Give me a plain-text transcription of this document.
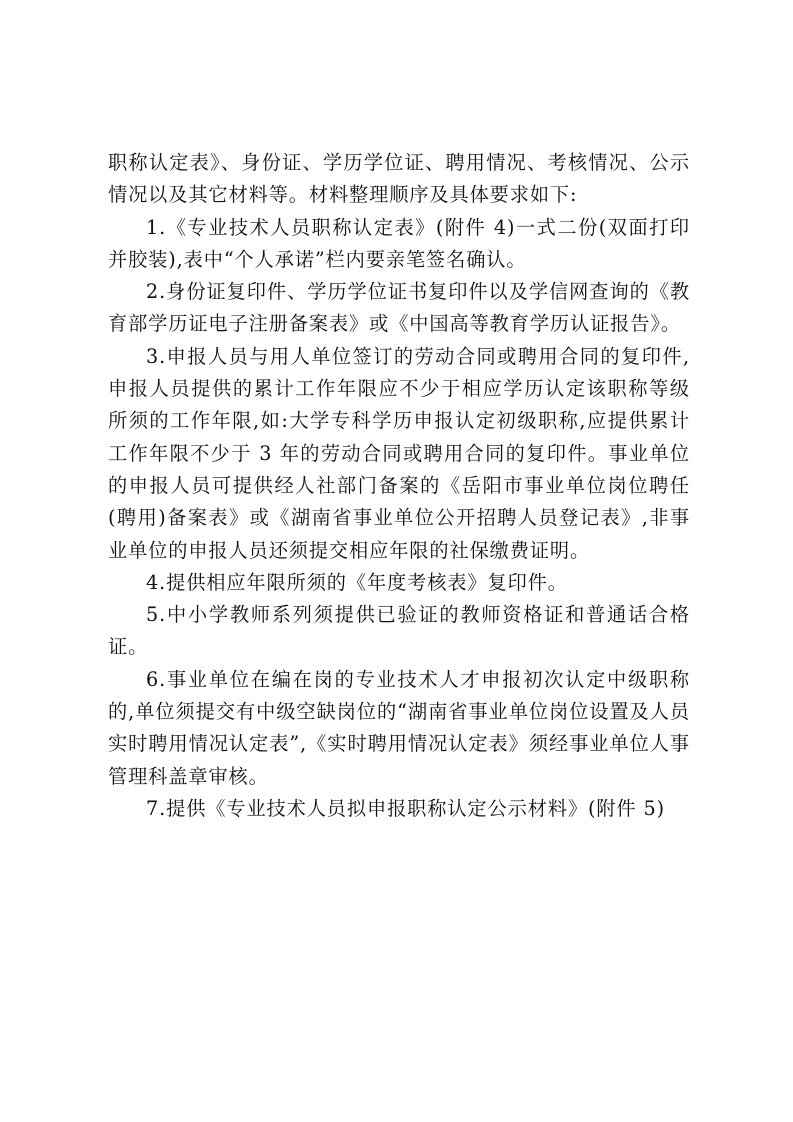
职称认定表》、身份证、学历学位证、聘用情况、考核情况、公示情况以及其它材料等。材料整理顺序及具体要求如下:

1.《专业技术人员职称认定表》(附件 4)一式二份(双面打印并胶装),表中“个人承诺”栏内要亲笔签名确认。

2.身份证复印件、学历学位证书复印件以及学信网查询的《教育部学历证电子注册备案表》或《中国高等教育学历认证报告》。

3.申报人员与用人单位签订的劳动合同或聘用合同的复印件,申报人员提供的累计工作年限应不少于相应学历认定该职称等级所须的工作年限,如:大学专科学历申报认定初级职称,应提供累计工作年限不少于 3 年的劳动合同或聘用合同的复印件。事业单位的申报人员可提供经人社部门备案的《岳阳市事业单位岗位聘任(聘用)备案表》或《湖南省事业单位公开招聘人员登记表》,非事业单位的申报人员还须提交相应年限的社保缴费证明。

4.提供相应年限所须的《年度考核表》复印件。

5.中小学教师系列须提供已验证的教师资格证和普通话合格证。

6.事业单位在编在岗的专业技术人才申报初次认定中级职称的,单位须提交有中级空缺岗位的“湖南省事业单位岗位设置及人员实时聘用情况认定表”,《实时聘用情况认定表》须经事业单位人事管理科盖章审核。

7.提供《专业技术人员拟申报职称认定公示材料》(附件 5)
